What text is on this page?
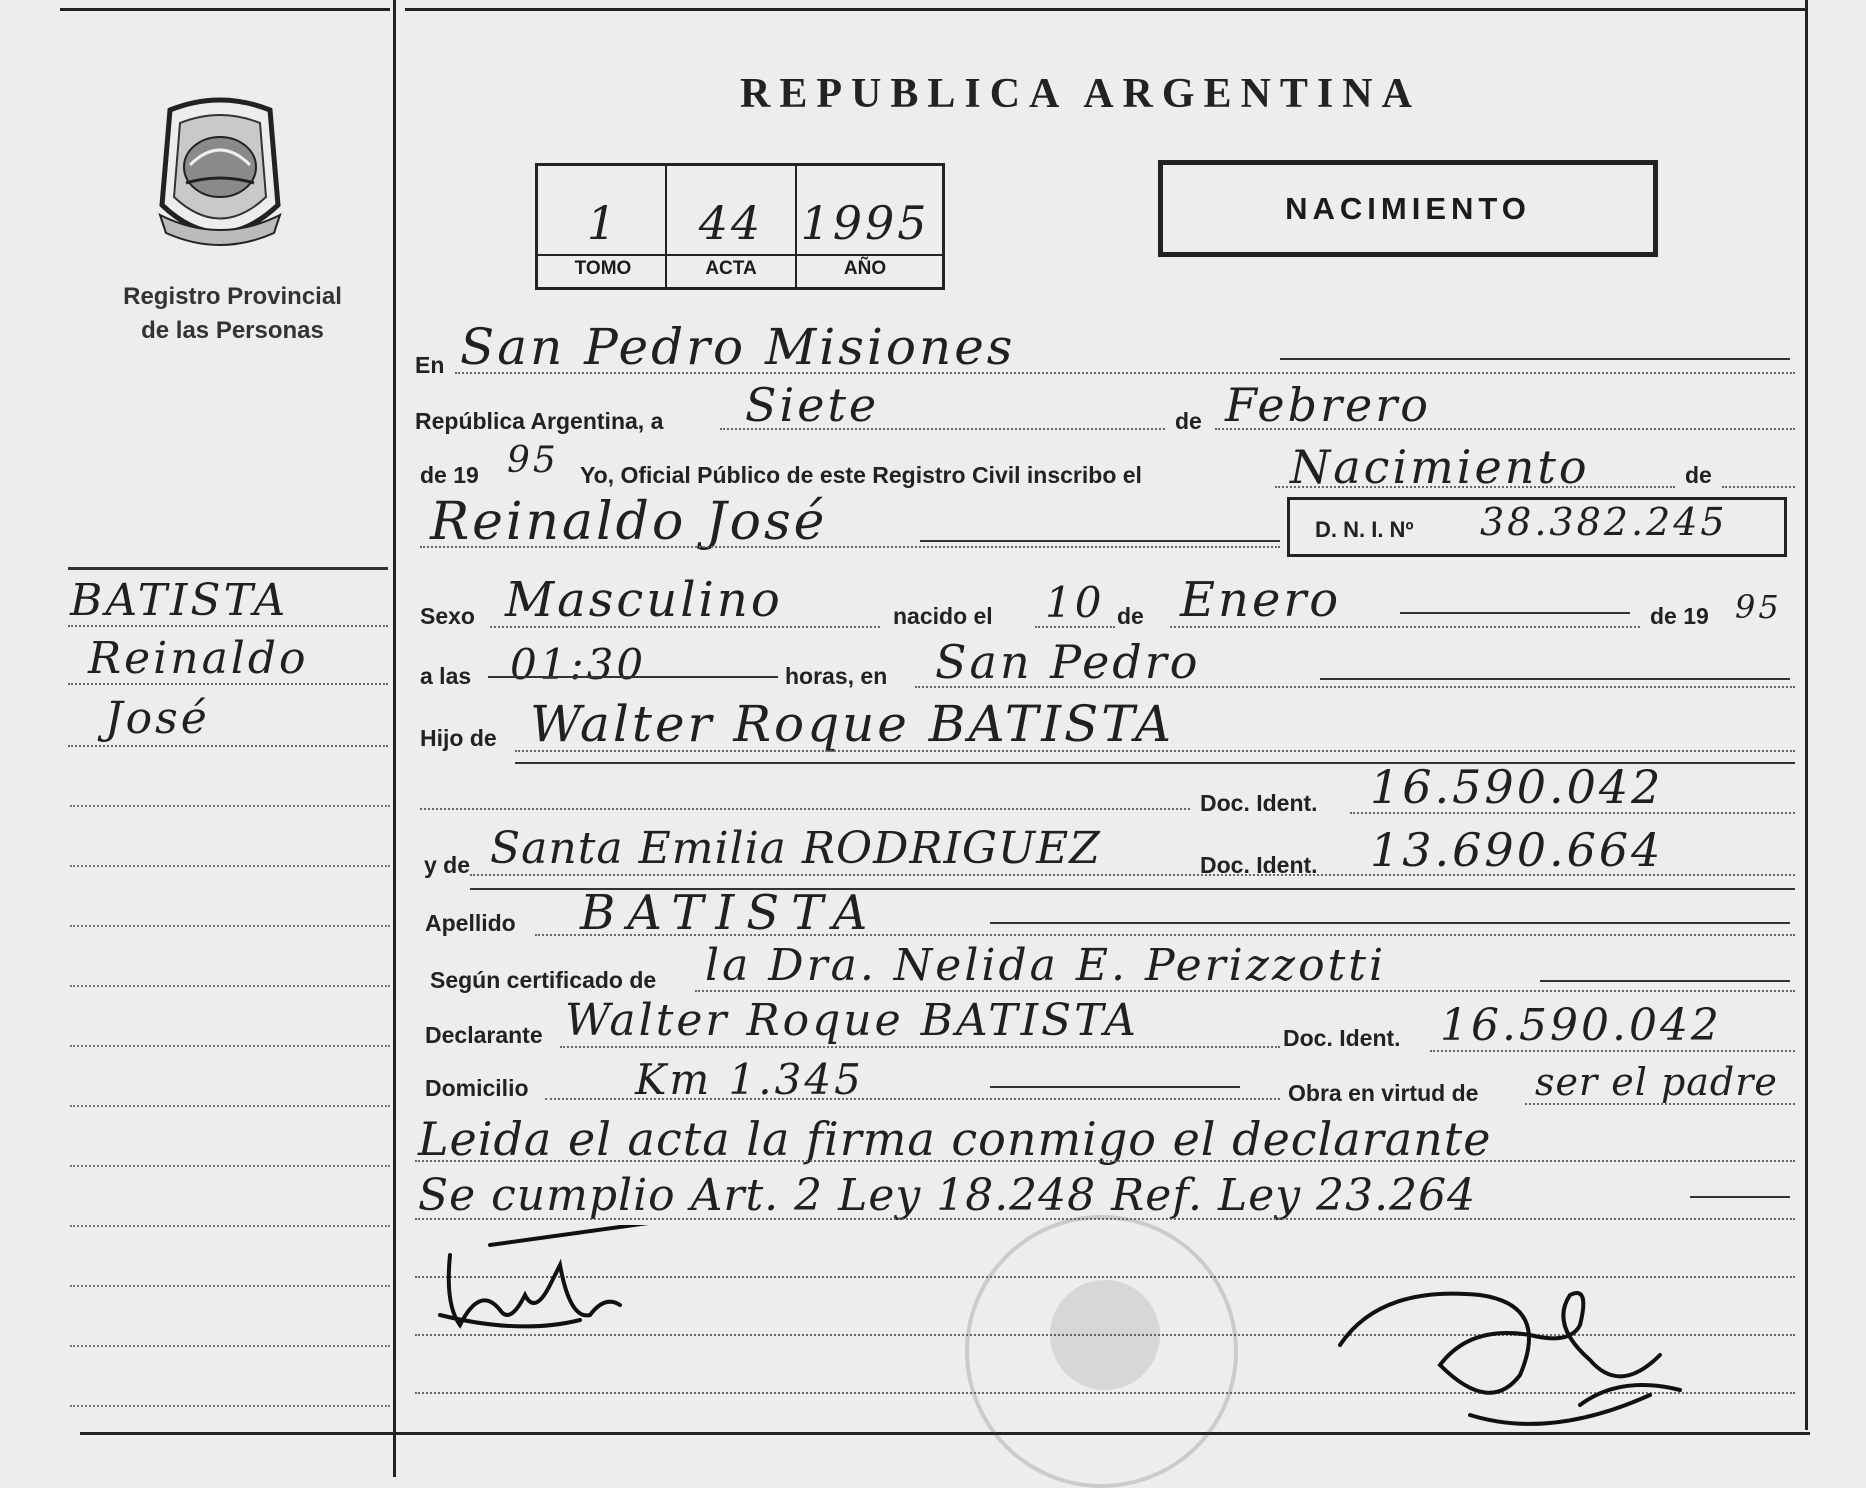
Registro Provincial
de las Personas
BATISTA
Reinaldo
José
REPUBLICA ARGENTINA
1	44 1995
TOMO	ACTA	AÑO
NACIMIENTO
En San Pedro Misiones
República Argentina, a Siete	de Febrero
de 19 95 Yo, Oficial Público de este Registro Civil inscribo el	Nacimiento	de
Reinaldo José	D. N. I. Nº 38.382.245
Sexo Masculino	nacido el 10 de Enero	de 19 95
a las 01:30	horas, en San Pedro
Hijo de Walter Roque BATISTA
Doc. Ident. 16.590.042
y de Santa Emilia RODRIGUEZ	Doc. Ident. 13.690.664
Apellido BATISTA
Según certificado de la Dra. Nelida E. Perizzotti
Declarante Walter Roque BATISTA	Doc. Ident. 16.590.042
Domicilio	Km 1.345	Obra en virtud de ser el padre
Leida el acta la firma conmigo el declarante
Se cumplio Art. 2 Ley 18.248 Ref. Ley 23.264
